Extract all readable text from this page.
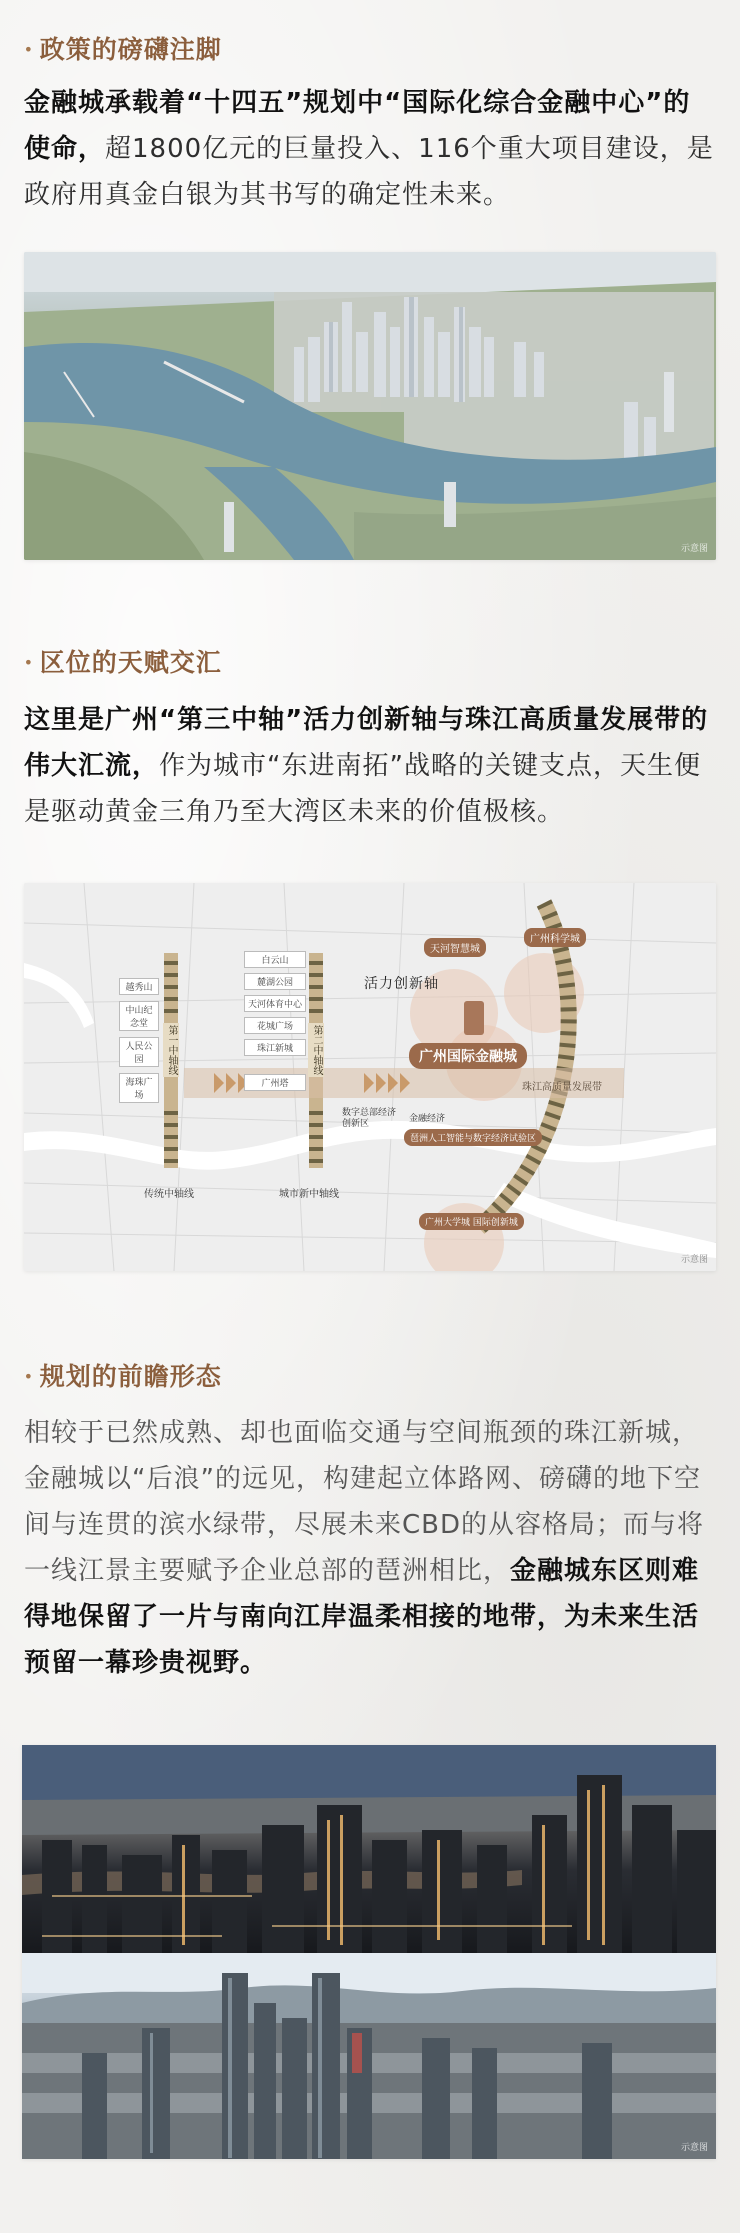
· 政策的磅礴注脚
金融城承载着“十四五”规划中“国际化综合金融中心”的使命，超1800亿元的巨量投入、116个重大项目建设，是政府用真金白银为其书写的确定性未来。
示意图
· 区位的天赋交汇
这里是广州“第三中轴”活力创新轴与珠江高质量发展带的伟大汇流，作为城市“东进南拓”战略的关键支点，天生便是驱动黄金三角乃至大湾区未来的价值极核。
越秀山
中山纪念堂
人民公园
海珠广场
第一中轴线
传统中轴线
白云山
麓湖公园
天河体育中心
花城广场
珠江新城
广州塔
第二中轴线
城市新中轴线
活力创新轴
天河智慧城
广州科学城
广州国际金融城
珠江高质量发展带
数字总部经济创新区	金融经济
琶洲人工智能与数字经济试验区
广州大学城 国际创新城
示意图
· 规划的前瞻形态
相较于已然成熟、却也面临交通与空间瓶颈的珠江新城，金融城以“后浪”的远见，构建起立体路网、磅礴的地下空间与连贯的滨水绿带，尽展未来CBD的从容格局；而与将一线江景主要赋予企业总部的琶洲相比，金融城东区则难得地保留了一片与南向江岸温柔相接的地带，为未来生活预留一幕珍贵视野。
示意图
